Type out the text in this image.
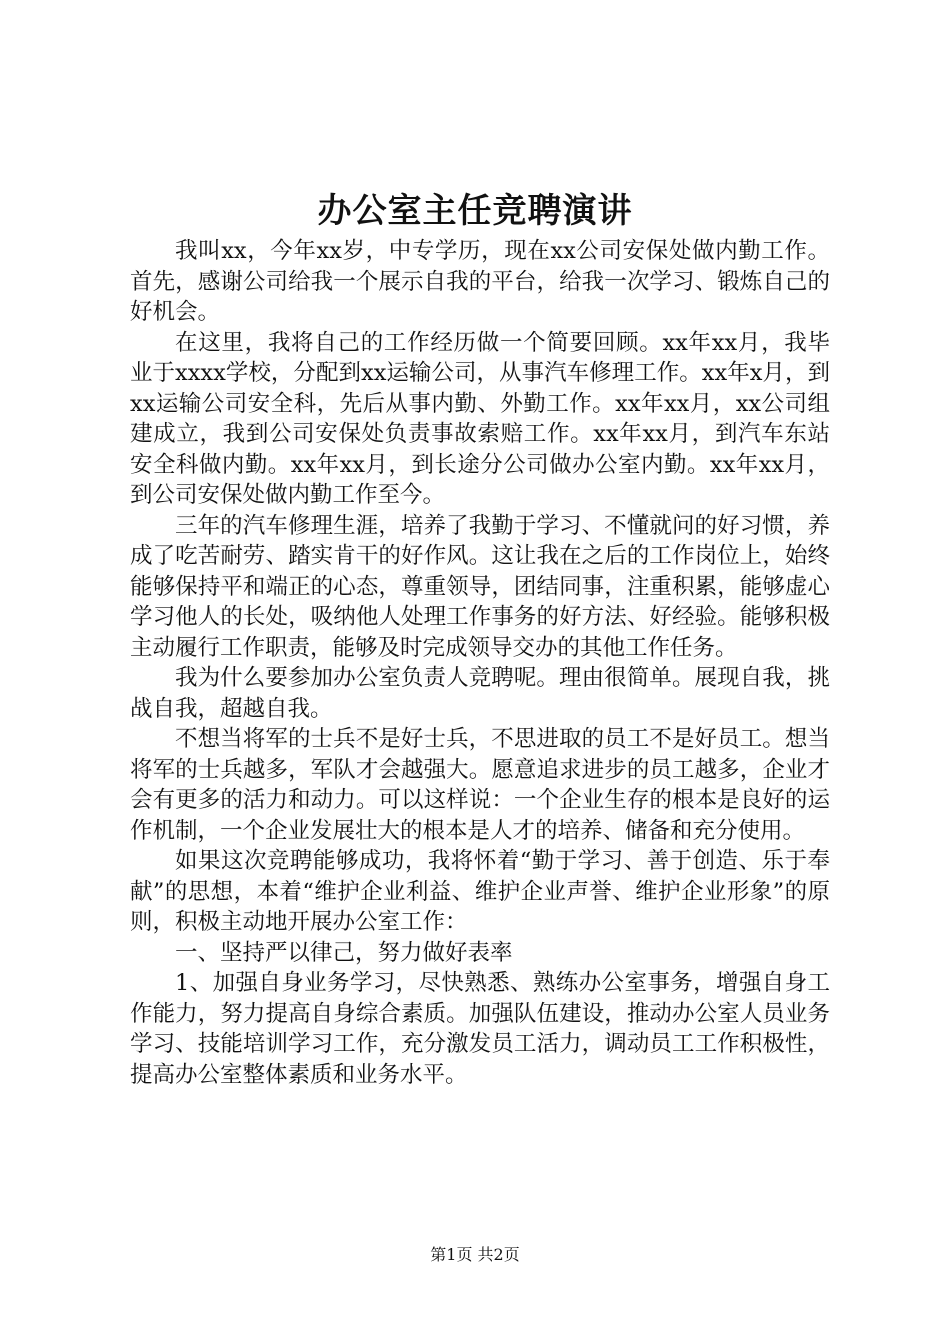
办公室主任竞聘演讲

我叫xx，今年xx岁，中专学历，现在xx公司安保处做内勤工作。首先，感谢公司给我一个展示自我的平台，给我一次学习、锻炼自己的好机会。

在这里，我将自己的工作经历做一个简要回顾。xx年xx月，我毕业于xxxx学校，分配到xx运输公司，从事汽车修理工作。xx年x月，到xx运输公司安全科，先后从事内勤、外勤工作。xx年xx月，xx公司组建成立，我到公司安保处负责事故索赔工作。xx年xx月，到汽车东站安全科做内勤。xx年xx月，到长途分公司做办公室内勤。xx年xx月，到公司安保处做内勤工作至今。

三年的汽车修理生涯，培养了我勤于学习、不懂就问的好习惯，养成了吃苦耐劳、踏实肯干的好作风。这让我在之后的工作岗位上，始终能够保持平和端正的心态，尊重领导，团结同事，注重积累，能够虚心学习他人的长处，吸纳他人处理工作事务的好方法、好经验。能够积极主动履行工作职责，能够及时完成领导交办的其他工作任务。

我为什么要参加办公室负责人竞聘呢。理由很简单。展现自我，挑战自我，超越自我。

不想当将军的士兵不是好士兵，不思进取的员工不是好员工。想当将军的士兵越多，军队才会越强大。愿意追求进步的员工越多，企业才会有更多的活力和动力。可以这样说：一个企业生存的根本是良好的运作机制，一个企业发展壮大的根本是人才的培养、储备和充分使用。

如果这次竞聘能够成功，我将怀着“勤于学习、善于创造、乐于奉献”的思想，本着“维护企业利益、维护企业声誉、维护企业形象”的原则，积极主动地开展办公室工作：

一、坚持严以律己，努力做好表率

1、加强自身业务学习，尽快熟悉、熟练办公室事务，增强自身工作能力，努力提高自身综合素质。加强队伍建设，推动办公室人员业务学习、技能培训学习工作，充分激发员工活力，调动员工工作积极性，提高办公室整体素质和业务水平。

第1页 共2页
